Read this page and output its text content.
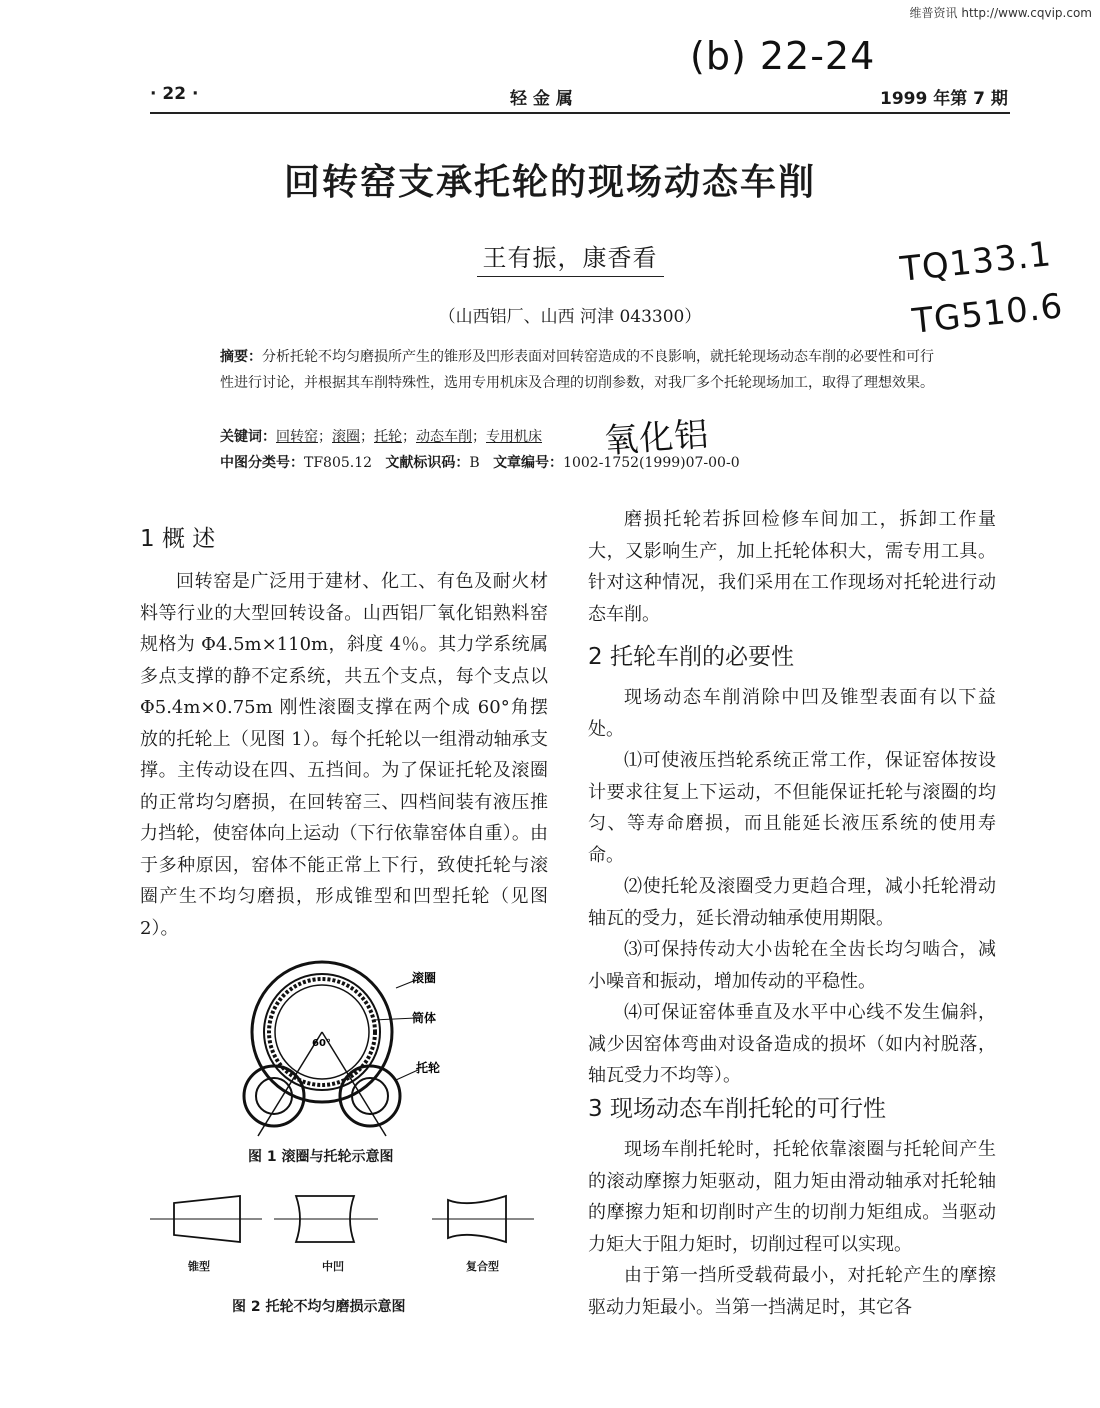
维普资讯 http://www.cqvip.com
· 22 ·	轻 金 属	1999 年第 7 期
(b) 22-24
TQ133.1
TG510.6
氧化铝
回转窑支承托轮的现场动态车削
王有振，康香看
（山西铝厂、山西 河津 043300）
摘要：分析托轮不均匀磨损所产生的锥形及凹形表面对回转窑造成的不良影响，就托轮现场动态车削的必要性和可行性进行讨论，并根据其车削特殊性，选用专用机床及合理的切削参数，对我厂多个托轮现场加工，取得了理想效果。
关键词：回转窑；滚圈；托轮；动态车削；专用机床
中图分类号：TF805.12 文献标识码：B 文章编号：1002-1752(1999)07-00-0
1 概 述

回转窑是广泛用于建材、化工、有色及耐火材料等行业的大型回转设备。山西铝厂氧化铝熟料窑规格为 Φ4.5m×110m，斜度 4％。其力学系统属多点支撑的静不定系统，共五个支点，每个支点以 Φ5.4m×0.75m 刚性滚圈支撑在两个成 60°角摆放的托轮上（见图 1）。每个托轮以一组滑动轴承支撑。主传动设在四、五挡间。为了保证托轮及滚圈的正常均匀磨损，在回转窑三、四档间装有液压推力挡轮，使窑体向上运动（下行依靠窑体自重）。由于多种原因，窑体不能正常上下行，致使托轮与滚圈产生不均匀磨损，形成锥型和凹型托轮（见图 2）。

60°
滚圈
筒体
托轮
图 1 滚圈与托轮示意图
锥型	中凹	复合型
图 2 托轮不均匀磨损示意图

磨损托轮若拆回检修车间加工，拆卸工作量大，又影响生产，加上托轮体积大，需专用工具。针对这种情况，我们采用在工作现场对托轮进行动态车削。

2 托轮车削的必要性

现场动态车削消除中凹及锥型表面有以下益处。

⑴可使液压挡轮系统正常工作，保证窑体按设计要求往复上下运动，不但能保证托轮与滚圈的均匀、等寿命磨损，而且能延长液压系统的使用寿命。

⑵使托轮及滚圈受力更趋合理，减小托轮滑动轴瓦的受力，延长滑动轴承使用期限。

⑶可保持传动大小齿轮在全齿长均匀啮合，减小噪音和振动，增加传动的平稳性。

⑷可保证窑体垂直及水平中心线不发生偏斜，减少因窑体弯曲对设备造成的损坏（如内衬脱落，轴瓦受力不均等）。

3 现场动态车削托轮的可行性

现场车削托轮时，托轮依靠滚圈与托轮间产生的滚动摩擦力矩驱动，阻力矩由滑动轴承对托轮轴的摩擦力矩和切削时产生的切削力矩组成。当驱动力矩大于阻力矩时，切削过程可以实现。

由于第一挡所受载荷最小，对托轮产生的摩擦驱动力矩最小。当第一挡满足时，其它各
